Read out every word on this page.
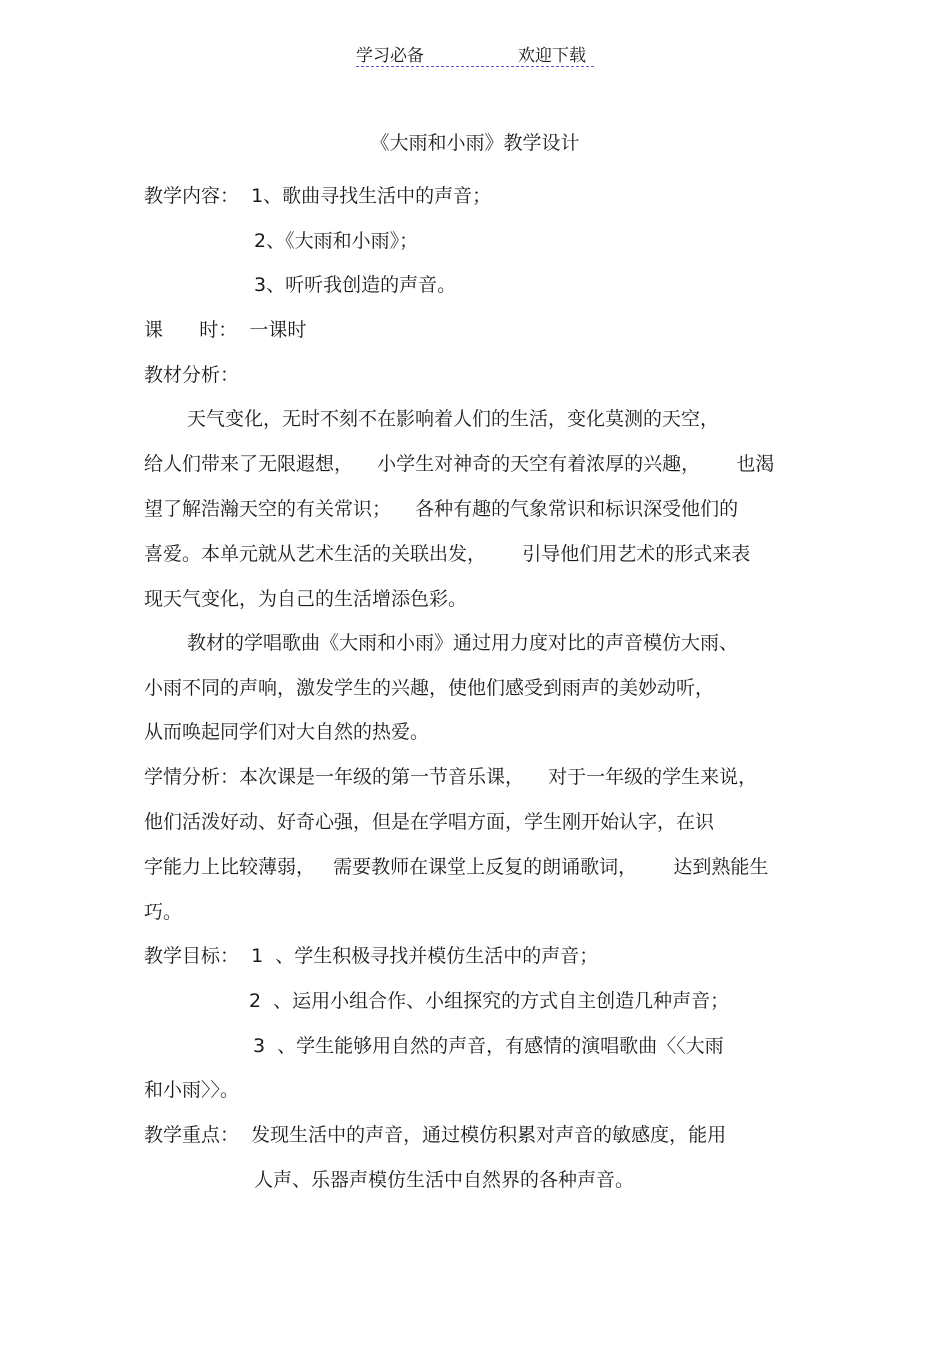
学习必备	欢迎下载
《大雨和小雨》教学设计
教学内容：  1、歌曲寻找生活中的声音；
2、《大雨和小雨》；
3、听听我创造的声音。
课      时：  一课时
教材分析：
天气变化，无时不刻不在影响着人们的生活，变化莫测的天空，
给人们带来了无限遐想，    小学生对神奇的天空有着浓厚的兴趣，      也渴
望了解浩瀚天空的有关常识；    各种有趣的气象常识和标识深受他们的
喜爱。本单元就从艺术生活的关联出发，      引导他们用艺术的形式来表
现天气变化，为自己的生活增添色彩。
教材的学唱歌曲《大雨和小雨》通过用力度对比的声音模仿大雨、
小雨不同的声响，激发学生的兴趣，使他们感受到雨声的美妙动听，
从而唤起同学们对大自然的热爱。
学情分析：本次课是一年级的第一节音乐课，    对于一年级的学生来说，
他们活泼好动、好奇心强，但是在学唱方面，学生刚开始认字，在识
字能力上比较薄弱，   需要教师在课堂上反复的朗诵歌词，      达到熟能生
巧。
教学目标：  1  、学生积极寻找并模仿生活中的声音；
2  、运用小组合作、小组探究的方式自主创造几种声音；
3  、学生能够用自然的声音，有感情的演唱歌曲〈〈大雨
和小雨〉〉。
教学重点：  发现生活中的声音，通过模仿积累对声音的敏感度，能用
人声、乐器声模仿生活中自然界的各种声音。
